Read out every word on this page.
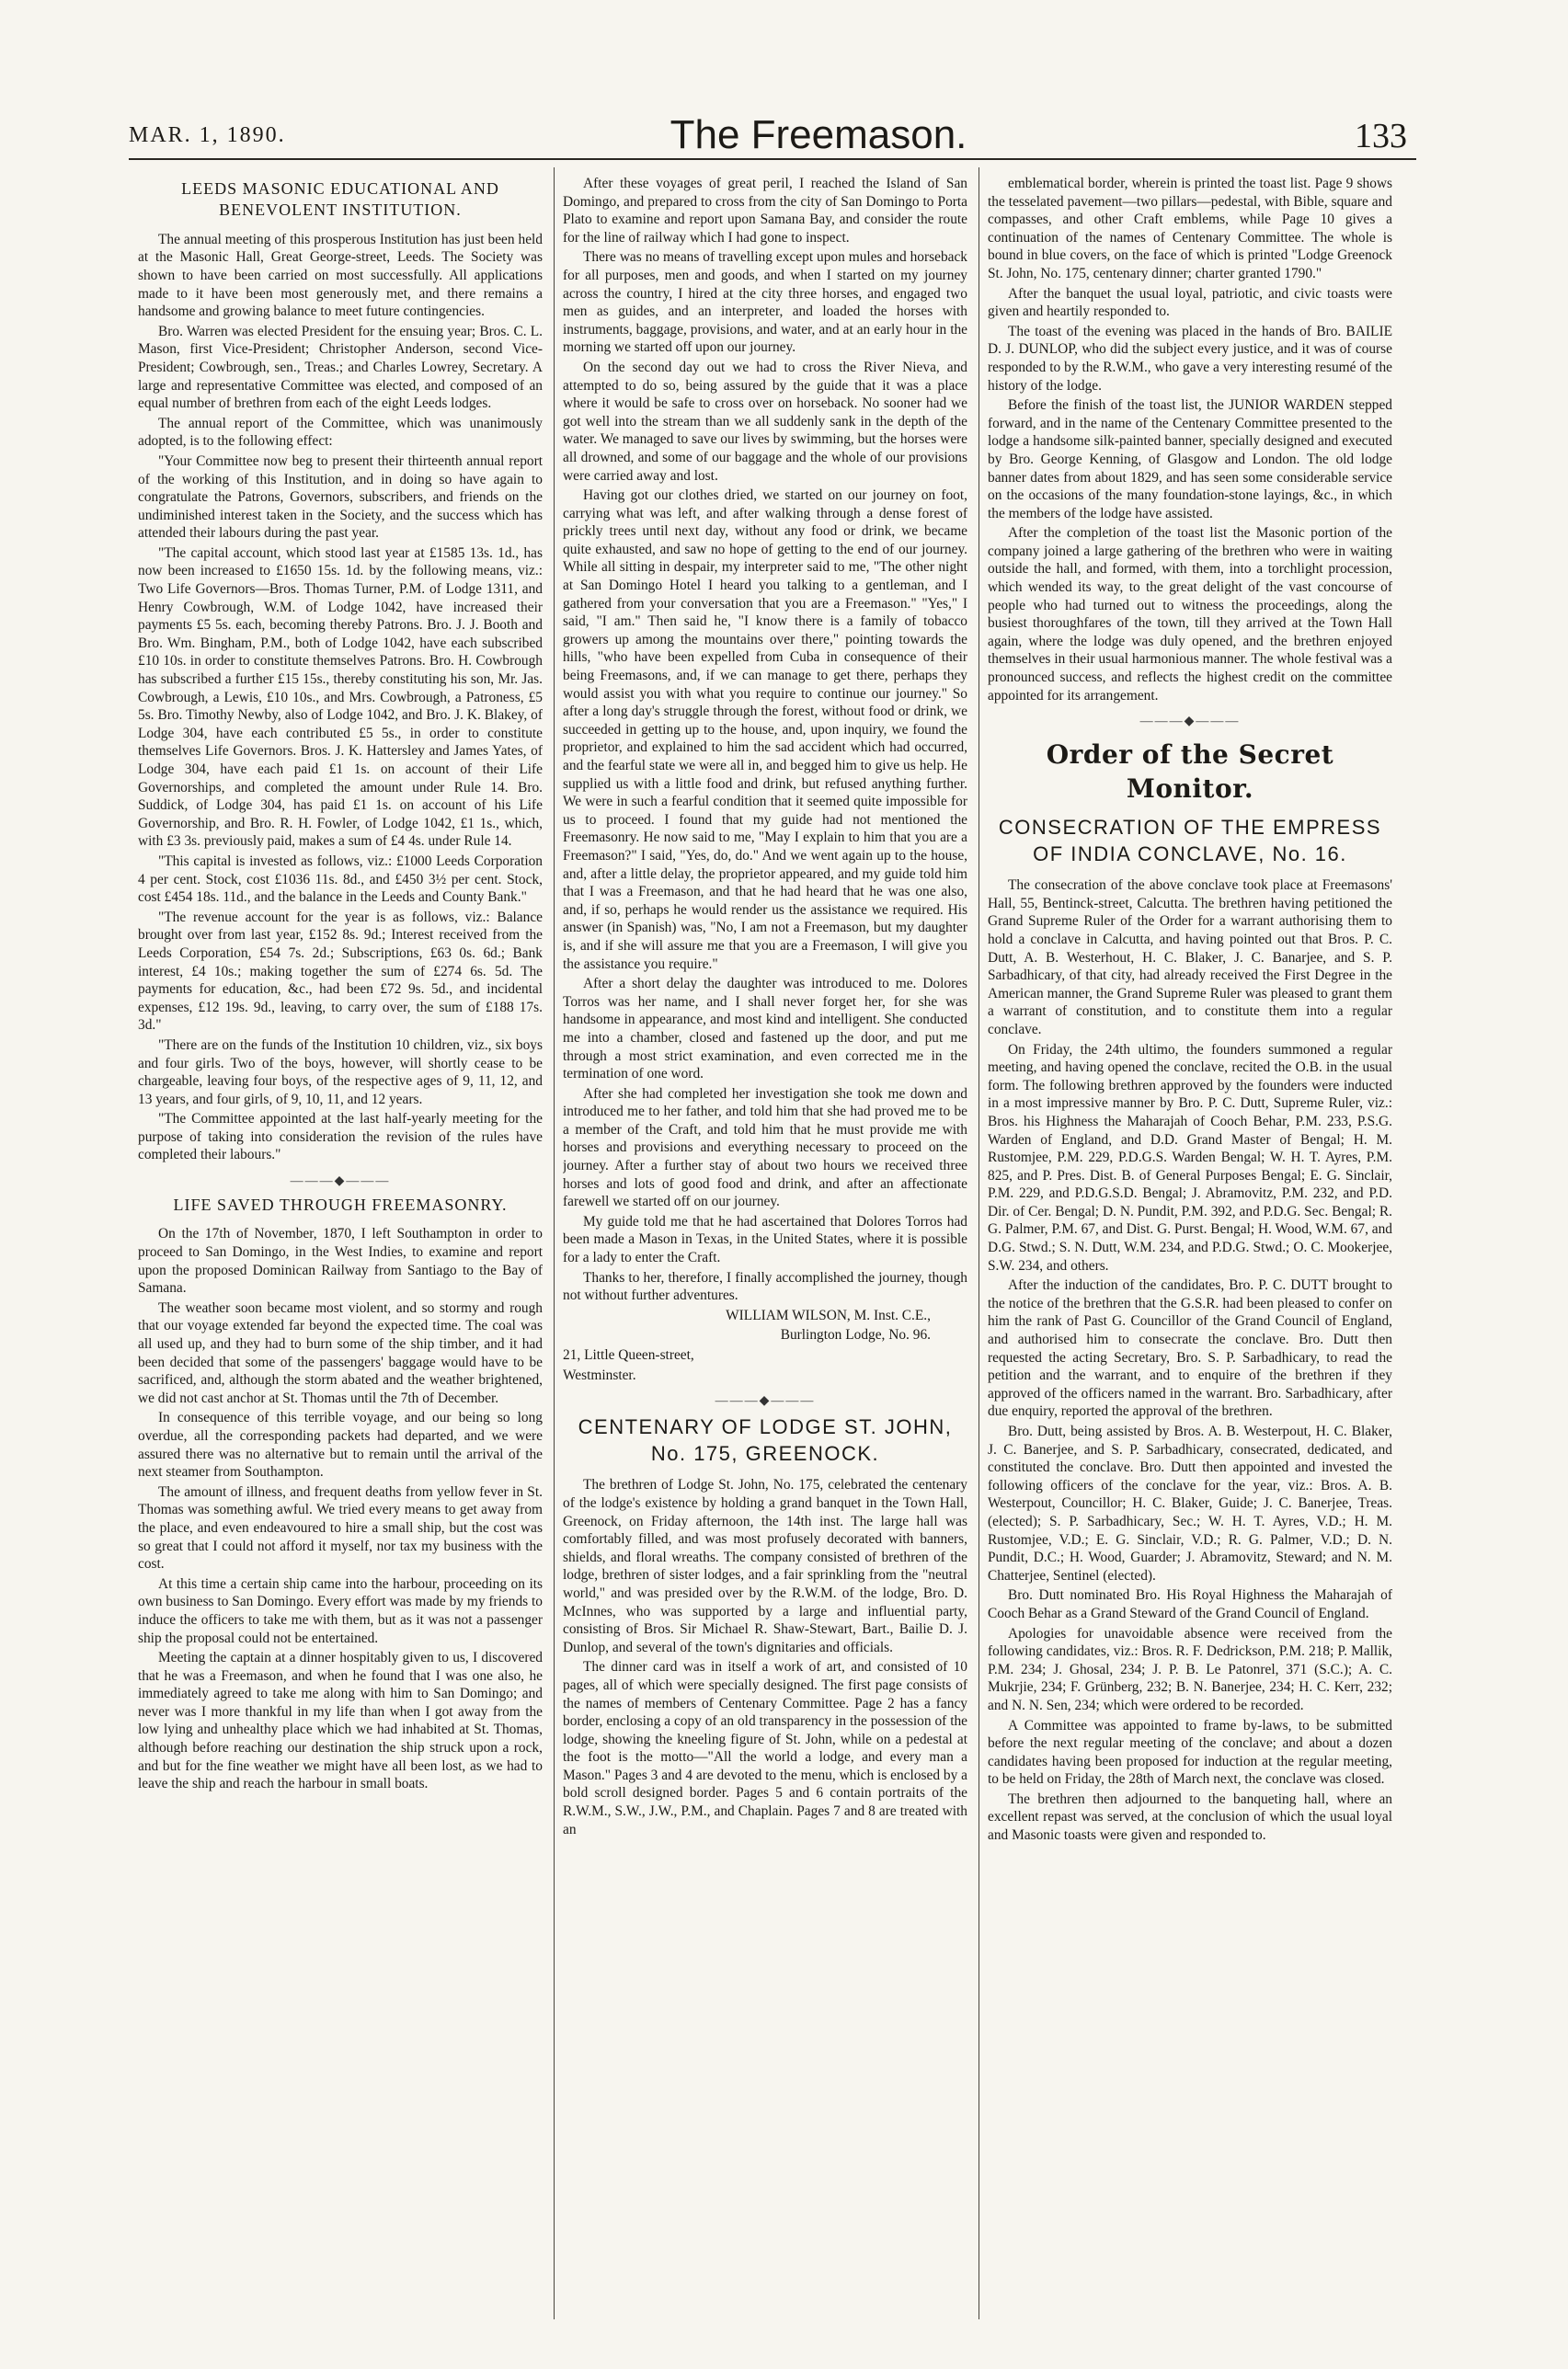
MAR. 1, 1890.	The Freemason.	133
LEEDS MASONIC EDUCATIONAL AND BENEVOLENT INSTITUTION.

The annual meeting of this prosperous Institution has just been held at the Masonic Hall, Great George-street, Leeds. The Society was shown to have been carried on most successfully. All applications made to it have been most generously met, and there remains a handsome and growing balance to meet future contingencies.

Bro. Warren was elected President for the ensuing year; Bros. C. L. Mason, first Vice-President; Christopher Anderson, second Vice-President; Cowbrough, sen., Treas.; and Charles Lowrey, Secretary. A large and representative Committee was elected, and composed of an equal number of brethren from each of the eight Leeds lodges.

The annual report of the Committee, which was unanimously adopted, is to the following effect:

"Your Committee now beg to present their thirteenth annual report of the working of this Institution, and in doing so have again to congratulate the Patrons, Governors, subscribers, and friends on the undiminished interest taken in the Society, and the success which has attended their labours during the past year.

"The capital account, which stood last year at £1585 13s. 1d., has now been increased to £1650 15s. 1d. by the following means, viz.: Two Life Governors—Bros. Thomas Turner, P.M. of Lodge 1311, and Henry Cowbrough, W.M. of Lodge 1042, have increased their payments £5 5s. each, becoming thereby Patrons. Bro. J. J. Booth and Bro. Wm. Bingham, P.M., both of Lodge 1042, have each subscribed £10 10s. in order to constitute themselves Patrons. Bro. H. Cowbrough has subscribed a further £15 15s., thereby constituting his son, Mr. Jas. Cowbrough, a Lewis, £10 10s., and Mrs. Cowbrough, a Patroness, £5 5s. Bro. Timothy Newby, also of Lodge 1042, and Bro. J. K. Blakey, of Lodge 304, have each contributed £5 5s., in order to constitute themselves Life Governors. Bros. J. K. Hattersley and James Yates, of Lodge 304, have each paid £1 1s. on account of their Life Governorships, and completed the amount under Rule 14. Bro. Suddick, of Lodge 304, has paid £1 1s. on account of his Life Governorship, and Bro. R. H. Fowler, of Lodge 1042, £1 1s., which, with £3 3s. previously paid, makes a sum of £4 4s. under Rule 14.

"This capital is invested as follows, viz.: £1000 Leeds Corporation 4 per cent. Stock, cost £1036 11s. 8d., and £450 3½ per cent. Stock, cost £454 18s. 11d., and the balance in the Leeds and County Bank."

"The revenue account for the year is as follows, viz.: Balance brought over from last year, £152 8s. 9d.; Interest received from the Leeds Corporation, £54 7s. 2d.; Subscriptions, £63 0s. 6d.; Bank interest, £4 10s.; making together the sum of £274 6s. 5d. The payments for education, &c., had been £72 9s. 5d., and incidental expenses, £12 19s. 9d., leaving, to carry over, the sum of £188 17s. 3d."

"There are on the funds of the Institution 10 children, viz., six boys and four girls. Two of the boys, however, will shortly cease to be chargeable, leaving four boys, of the respective ages of 9, 11, 12, and 13 years, and four girls, of 9, 10, 11, and 12 years.

"The Committee appointed at the last half-yearly meeting for the purpose of taking into consideration the revision of the rules have completed their labours."

———◆———
LIFE SAVED THROUGH FREEMASONRY.

On the 17th of November, 1870, I left Southampton in order to proceed to San Domingo, in the West Indies, to examine and report upon the proposed Dominican Railway from Santiago to the Bay of Samana.

The weather soon became most violent, and so stormy and rough that our voyage extended far beyond the expected time. The coal was all used up, and they had to burn some of the ship timber, and it had been decided that some of the passengers' baggage would have to be sacrificed, and, although the storm abated and the weather brightened, we did not cast anchor at St. Thomas until the 7th of December.

In consequence of this terrible voyage, and our being so long overdue, all the corresponding packets had departed, and we were assured there was no alternative but to remain until the arrival of the next steamer from Southampton.

The amount of illness, and frequent deaths from yellow fever in St. Thomas was something awful. We tried every means to get away from the place, and even endeavoured to hire a small ship, but the cost was so great that I could not afford it myself, nor tax my business with the cost.

At this time a certain ship came into the harbour, proceeding on its own business to San Domingo. Every effort was made by my friends to induce the officers to take me with them, but as it was not a passenger ship the proposal could not be entertained.

Meeting the captain at a dinner hospitably given to us, I discovered that he was a Freemason, and when he found that I was one also, he immediately agreed to take me along with him to San Domingo; and never was I more thankful in my life than when I got away from the low lying and unhealthy place which we had inhabited at St. Thomas, although before reaching our destination the ship struck upon a rock, and but for the fine weather we might have all been lost, as we had to leave the ship and reach the harbour in small boats.

After these voyages of great peril, I reached the Island of San Domingo, and prepared to cross from the city of San Domingo to Porta Plato to examine and report upon Samana Bay, and consider the route for the line of railway which I had gone to inspect.

There was no means of travelling except upon mules and horseback for all purposes, men and goods, and when I started on my journey across the country, I hired at the city three horses, and engaged two men as guides, and an interpreter, and loaded the horses with instruments, baggage, provisions, and water, and at an early hour in the morning we started off upon our journey.

On the second day out we had to cross the River Nieva, and attempted to do so, being assured by the guide that it was a place where it would be safe to cross over on horseback. No sooner had we got well into the stream than we all suddenly sank in the depth of the water. We managed to save our lives by swimming, but the horses were all drowned, and some of our baggage and the whole of our provisions were carried away and lost.

Having got our clothes dried, we started on our journey on foot, carrying what was left, and after walking through a dense forest of prickly trees until next day, without any food or drink, we became quite exhausted, and saw no hope of getting to the end of our journey. While all sitting in despair, my interpreter said to me, "The other night at San Domingo Hotel I heard you talking to a gentleman, and I gathered from your conversation that you are a Freemason." "Yes," I said, "I am." Then said he, "I know there is a family of tobacco growers up among the mountains over there," pointing towards the hills, "who have been expelled from Cuba in consequence of their being Freemasons, and, if we can manage to get there, perhaps they would assist you with what you require to continue our journey." So after a long day's struggle through the forest, without food or drink, we succeeded in getting up to the house, and, upon inquiry, we found the proprietor, and explained to him the sad accident which had occurred, and the fearful state we were all in, and begged him to give us help. He supplied us with a little food and drink, but refused anything further. We were in such a fearful condition that it seemed quite impossible for us to proceed. I found that my guide had not mentioned the Freemasonry. He now said to me, "May I explain to him that you are a Freemason?" I said, "Yes, do, do." And we went again up to the house, and, after a little delay, the proprietor appeared, and my guide told him that I was a Freemason, and that he had heard that he was one also, and, if so, perhaps he would render us the assistance we required. His answer (in Spanish) was, "No, I am not a Freemason, but my daughter is, and if she will assure me that you are a Freemason, I will give you the assistance you require."

After a short delay the daughter was introduced to me. Dolores Torros was her name, and I shall never forget her, for she was handsome in appearance, and most kind and intelligent. She conducted me into a chamber, closed and fastened up the door, and put me through a most strict examination, and even corrected me in the termination of one word.

After she had completed her investigation she took me down and introduced me to her father, and told him that she had proved me to be a member of the Craft, and told him that he must provide me with horses and provisions and everything necessary to proceed on the journey. After a further stay of about two hours we received three horses and lots of good food and drink, and after an affectionate farewell we started off on our journey.

My guide told me that he had ascertained that Dolores Torros had been made a Mason in Texas, in the United States, where it is possible for a lady to enter the Craft.

Thanks to her, therefore, I finally accomplished the journey, though not without further adventures.

WILLIAM WILSON, M. Inst. C.E.,

Burlington Lodge, No. 96.

21, Little Queen-street,

Westminster.

———◆———
CENTENARY OF LODGE ST. JOHN, No. 175, GREENOCK.

The brethren of Lodge St. John, No. 175, celebrated the centenary of the lodge's existence by holding a grand banquet in the Town Hall, Greenock, on Friday afternoon, the 14th inst. The large hall was comfortably filled, and was most profusely decorated with banners, shields, and floral wreaths. The company consisted of brethren of the lodge, brethren of sister lodges, and a fair sprinkling from the "neutral world," and was presided over by the R.W.M. of the lodge, Bro. D. McInnes, who was supported by a large and influential party, consisting of Bros. Sir Michael R. Shaw-Stewart, Bart., Bailie D. J. Dunlop, and several of the town's dignitaries and officials.

The dinner card was in itself a work of art, and consisted of 10 pages, all of which were specially designed. The first page consists of the names of members of Centenary Committee. Page 2 has a fancy border, enclosing a copy of an old transparency in the possession of the lodge, showing the kneeling figure of St. John, while on a pedestal at the foot is the motto—"All the world a lodge, and every man a Mason." Pages 3 and 4 are devoted to the menu, which is enclosed by a bold scroll designed border. Pages 5 and 6 contain portraits of the R.W.M., S.W., J.W., P.M., and Chaplain. Pages 7 and 8 are treated with an

emblematical border, wherein is printed the toast list. Page 9 shows the tesselated pavement—two pillars—pedestal, with Bible, square and compasses, and other Craft emblems, while Page 10 gives a continuation of the names of Centenary Committee. The whole is bound in blue covers, on the face of which is printed "Lodge Greenock St. John, No. 175, centenary dinner; charter granted 1790."

After the banquet the usual loyal, patriotic, and civic toasts were given and heartily responded to.

The toast of the evening was placed in the hands of Bro. BAILIE D. J. DUNLOP, who did the subject every justice, and it was of course responded to by the R.W.M., who gave a very interesting resumé of the history of the lodge.

Before the finish of the toast list, the JUNIOR WARDEN stepped forward, and in the name of the Centenary Committee presented to the lodge a handsome silk-painted banner, specially designed and executed by Bro. George Kenning, of Glasgow and London. The old lodge banner dates from about 1829, and has seen some considerable service on the occasions of the many foundation-stone layings, &c., in which the members of the lodge have assisted.

After the completion of the toast list the Masonic portion of the company joined a large gathering of the brethren who were in waiting outside the hall, and formed, with them, into a torchlight procession, which wended its way, to the great delight of the vast concourse of people who had turned out to witness the proceedings, along the busiest thoroughfares of the town, till they arrived at the Town Hall again, where the lodge was duly opened, and the brethren enjoyed themselves in their usual harmonious manner. The whole festival was a pronounced success, and reflects the highest credit on the committee appointed for its arrangement.

———◆———
Order of the Secret Monitor.
CONSECRATION OF THE EMPRESS OF INDIA CONCLAVE, No. 16.

The consecration of the above conclave took place at Freemasons' Hall, 55, Bentinck-street, Calcutta. The brethren having petitioned the Grand Supreme Ruler of the Order for a warrant authorising them to hold a conclave in Calcutta, and having pointed out that Bros. P. C. Dutt, A. B. Westerhout, H. C. Blaker, J. C. Banarjee, and S. P. Sarbadhicary, of that city, had already received the First Degree in the American manner, the Grand Supreme Ruler was pleased to grant them a warrant of constitution, and to constitute them into a regular conclave.

On Friday, the 24th ultimo, the founders summoned a regular meeting, and having opened the conclave, recited the O.B. in the usual form. The following brethren approved by the founders were inducted in a most impressive manner by Bro. P. C. Dutt, Supreme Ruler, viz.: Bros. his Highness the Maharajah of Cooch Behar, P.M. 233, P.S.G. Warden of England, and D.D. Grand Master of Bengal; H. M. Rustomjee, P.M. 229, P.D.G.S. Warden Bengal; W. H. T. Ayres, P.M. 825, and P. Pres. Dist. B. of General Purposes Bengal; E. G. Sinclair, P.M. 229, and P.D.G.S.D. Bengal; J. Abramovitz, P.M. 232, and P.D. Dir. of Cer. Bengal; D. N. Pundit, P.M. 392, and P.D.G. Sec. Bengal; R. G. Palmer, P.M. 67, and Dist. G. Purst. Bengal; H. Wood, W.M. 67, and D.G. Stwd.; S. N. Dutt, W.M. 234, and P.D.G. Stwd.; O. C. Mookerjee, S.W. 234, and others.

After the induction of the candidates, Bro. P. C. DUTT brought to the notice of the brethren that the G.S.R. had been pleased to confer on him the rank of Past G. Councillor of the Grand Council of England, and authorised him to consecrate the conclave. Bro. Dutt then requested the acting Secretary, Bro. S. P. Sarbadhicary, to read the petition and the warrant, and to enquire of the brethren if they approved of the officers named in the warrant. Bro. Sarbadhicary, after due enquiry, reported the approval of the brethren.

Bro. Dutt, being assisted by Bros. A. B. Westerpout, H. C. Blaker, J. C. Banerjee, and S. P. Sarbadhicary, consecrated, dedicated, and constituted the conclave. Bro. Dutt then appointed and invested the following officers of the conclave for the year, viz.: Bros. A. B. Westerpout, Councillor; H. C. Blaker, Guide; J. C. Banerjee, Treas. (elected); S. P. Sarbadhicary, Sec.; W. H. T. Ayres, V.D.; H. M. Rustomjee, V.D.; E. G. Sinclair, V.D.; R. G. Palmer, V.D.; D. N. Pundit, D.C.; H. Wood, Guarder; J. Abramovitz, Steward; and N. M. Chatterjee, Sentinel (elected).

Bro. Dutt nominated Bro. His Royal Highness the Maharajah of Cooch Behar as a Grand Steward of the Grand Council of England.

Apologies for unavoidable absence were received from the following candidates, viz.: Bros. R. F. Dedrickson, P.M. 218; P. Mallik, P.M. 234; J. Ghosal, 234; J. P. B. Le Patonrel, 371 (S.C.); A. C. Mukrjie, 234; F. Grünberg, 232; B. N. Banerjee, 234; H. C. Kerr, 232; and N. N. Sen, 234; which were ordered to be recorded.

A Committee was appointed to frame by-laws, to be submitted before the next regular meeting of the conclave; and about a dozen candidates having been proposed for induction at the regular meeting, to be held on Friday, the 28th of March next, the conclave was closed.

The brethren then adjourned to the banqueting hall, where an excellent repast was served, at the conclusion of which the usual loyal and Masonic toasts were given and responded to.
